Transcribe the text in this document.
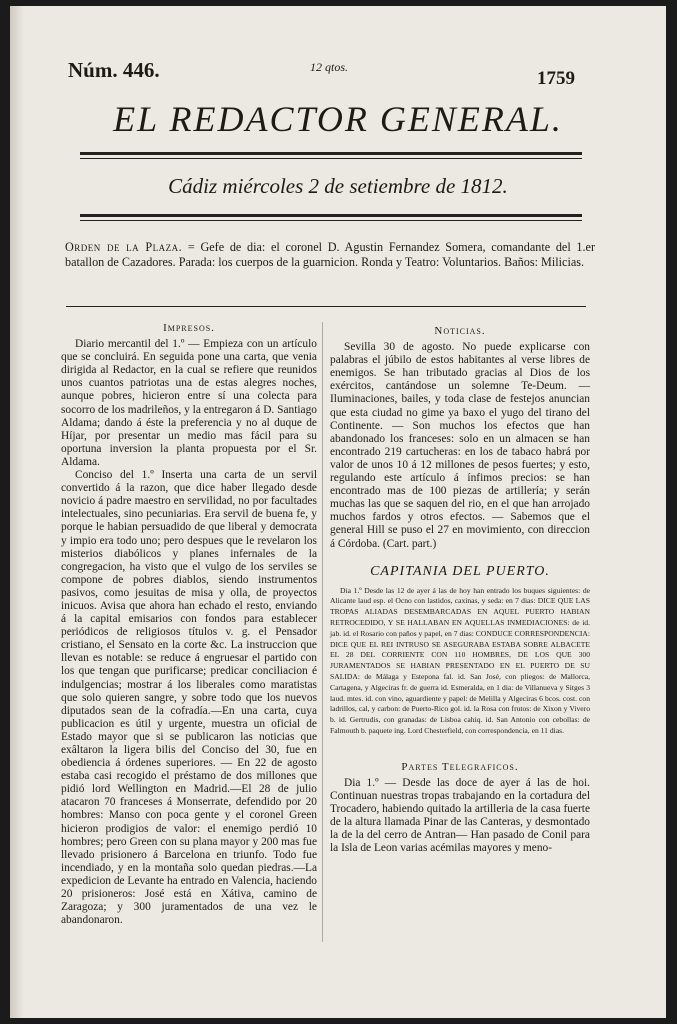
Núm. 446.	12 qtos.
1759
EL REDACTOR GENERAL.
Cádiz miércoles 2 de setiembre de 1812.
Orden de la Plaza. = Gefe de dia: el coronel D. Agustin Fernandez Somera, comandante del 1.er batallon de Cazadores. Parada: los cuerpos de la guarnicion. Ronda y Teatro: Voluntarios. Baños: Milicias.
Impresos.

Diario mercantil del 1.º — Empieza con un artículo que se concluirá. En seguida pone una carta, que venia dirigida al Redactor, en la cual se refiere que reunidos unos cuantos patriotas una de estas alegres noches, aunque pobres, hicieron entre sí una colecta para socorro de los madrileños, y la entregaron á D. Santiago Aldama; dando á éste la preferencia y no al duque de Híjar, por presentar un medio mas fácil para su oportuna inversion la planta propuesta por el Sr. Aldama.

Conciso del 1.º Inserta una carta de un servil convertido á la razon, que dice haber llegado desde novicio á padre maestro en servilidad, no por facultades intelectuales, sino pecuniarias. Era servil de buena fe, y porque le habian persuadido de que liberal y democrata y impio era todo uno; pero despues que le revelaron los misterios diabólicos y planes infernales de la congregacion, ha visto que el vulgo de los serviles se compone de pobres diablos, siendo instrumentos pasivos, como jesuitas de misa y olla, de proyectos inicuos. Avisa que ahora han echado el resto, enviando á la capital emisarios con fondos para establecer periódicos de religiosos títulos v. g. el Pensador cristiano, el Sensato en la corte &c. La instruccion que llevan es notable: se reduce á engruesar el partido con los que tengan que purificarse; predicar conciliacion é indulgencias; mostrar á los liberales como maratistas que solo quieren sangre, y sobre todo que los nuevos diputados sean de la cofradía.—En una carta, cuya publicacion es útil y urgente, muestra un oficial de Estado mayor que si se publicaron las noticias que exâltaron la ligera bilis del Conciso del 30, fue en obediencia á órdenes superiores. — En 22 de agosto estaba casi recogido el préstamo de dos millones que pidió lord Wellington en Madrid.—El 28 de julio atacaron 70 franceses á Monserrate, defendido por 20 hombres: Manso con poca gente y el coronel Green hicieron prodigios de valor: el enemigo perdió 10 hombres; pero Green con su plana mayor y 200 mas fue llevado prisionero á Barcelona en triunfo. Todo fue incendiado, y en la montaña solo quedan piedras.—La expedicion de Levante ha entrado en Valencia, haciendo 20 prisioneros: José está en Xátiva, camino de Zaragoza; y 300 juramentados de una vez le abandonaron.

Noticias.

Sevilla 30 de agosto. No puede explicarse con palabras el júbilo de estos habitantes al verse libres de enemigos. Se han tributado gracias al Dios de los exércitos, cantándose un solemne Te-Deum. — Iluminaciones, bailes, y toda clase de festejos anuncian que esta ciudad no gime ya baxo el yugo del tirano del Continente. — Son muchos los efectos que han abandonado los franceses: solo en un almacen se han encontrado 219 cartucheras: en los de tabaco habrá por valor de unos 10 á 12 millones de pesos fuertes; y esto, regulando este artículo á ínfimos precios: se han encontrado mas de 100 piezas de artillería; y serán muchas las que se saquen del rio, en el que han arrojado muchos fardos y otros efectos. — Sabemos que el general Hill se puso el 27 en movimiento, con direccion á Córdoba. (Cart. part.)

CAPITANIA DEL PUERTO.

Dia 1.º Desde las 12 de ayer á las de hoy han entrado los buques siguientes: de Alicante laud esp. el Ocno con lastidos, caxinas, y seda: en 7 dias: DICE QUE LAS TROPAS ALIADAS DESEMBARCADAS EN AQUEL PUERTO HABIAN RETROCEDIDO, Y SE HALLABAN EN AQUELLAS INMEDIACIONES: de id. jab. id. el Rosario con paños y papel, en 7 dias: CONDUCE CORRESPONDENCIA: DICE QUE EL REI INTRUSO SE ASEGURABA ESTABA SOBRE ALBACETE EL 28 DEL CORRIENTE CON 110 HOMBRES, DE LOS QUE 300 JURAMENTADOS SE HABIAN PRESENTADO EN EL PUERTO DE SU SALIDA: de Málaga y Estepona fal. id. San José, con pliegos: de Mallorca, Cartagena, y Algeciras fr. de guerra id. Esmeralda, en 1 dia: de Villanueva y Sitges 3 laud. mtes. id. con vino, aguardiente y papel: de Melilla y Algeciras 6 bcos. cost. con ladrillos, cal, y carbon: de Puerto-Rico gol. id. la Rosa con frutos: de Xixon y Vivero b. id. Gertrudis, con granadas: de Lisboa cahiq. id. San Antonio con cebollas: de Falmouth b. paquete ing. Lord Chesterfield, con correspondencia, en 11 dias.

Partes Telegraficos.

Dia 1.º — Desde las doce de ayer á las de hoi. Continuan nuestras tropas trabajando en la cortadura del Trocadero, habiendo quitado la artilleria de la casa fuerte de la altura llamada Pinar de las Canteras, y desmontado la de la del cerro de Antran— Han pasado de Conil para la Isla de Leon varias acémilas mayores y meno-
